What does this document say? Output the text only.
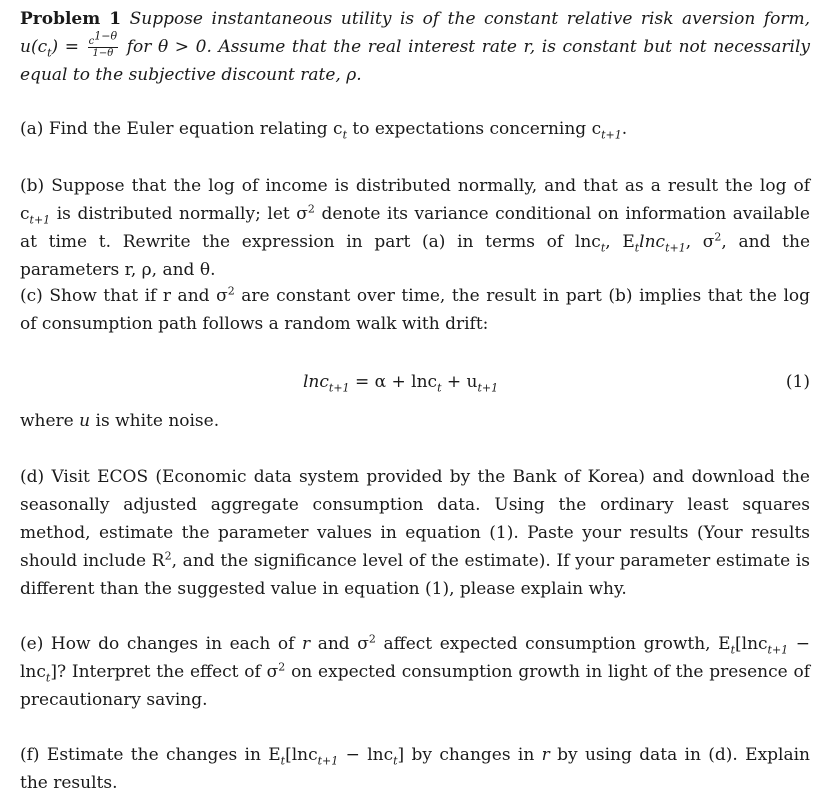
Problem 1 Suppose instantaneous utility is of the constant relative risk aversion form, $u(c_t) = \frac{c^{1-\theta}}{1-\theta}$ for θ > 0. Assume that the real interest rate r, is constant but not necessarily equal to the subjective discount rate, ρ.
(a) Find the Euler equation relating $c_t$ to expectations concerning $c_{t+1}$.
(b) Suppose that the log of income is distributed normally, and that as a result the log of $c_{t+1}$ is distributed normally; let $\sigma^2$ denote its variance conditional on information available at time t. Rewrite the expression in part (a) in terms of lnc$_t$, $E_t\ln c_{t+1}$, $\sigma^2$, and the parameters r, ρ, and θ.
(c) Show that if r and $\sigma^2$ are constant over time, the result in part (b) implies that the log of consumption path follows a random walk with drift:
$\ln c_{t+1} = \alpha + \ln c_t + u_{t+1}$	(1)
where u is white noise.
(d) Visit ECOS (Economic data system provided by the Bank of Korea) and download the seasonally adjusted aggregate consumption data. Using the ordinary least squares method, estimate the parameter values in equation (1). Paste your results (Your results should include $R^2$, and the significance level of the estimate). If your parameter estimate is different than the suggested value in equation (1), please explain why.
(e) How do changes in each of r and $\sigma^2$ affect expected consumption growth, $E_t[\ln c_{t+1} - \ln c_t]$? Interpret the effect of $\sigma^2$ on expected consumption growth in light of the presence of precautionary saving.
(f) Estimate the changes in $E_t[\ln c_{t+1} - \ln c_t]$ by changes in r by using data in (d). Explain the results.
